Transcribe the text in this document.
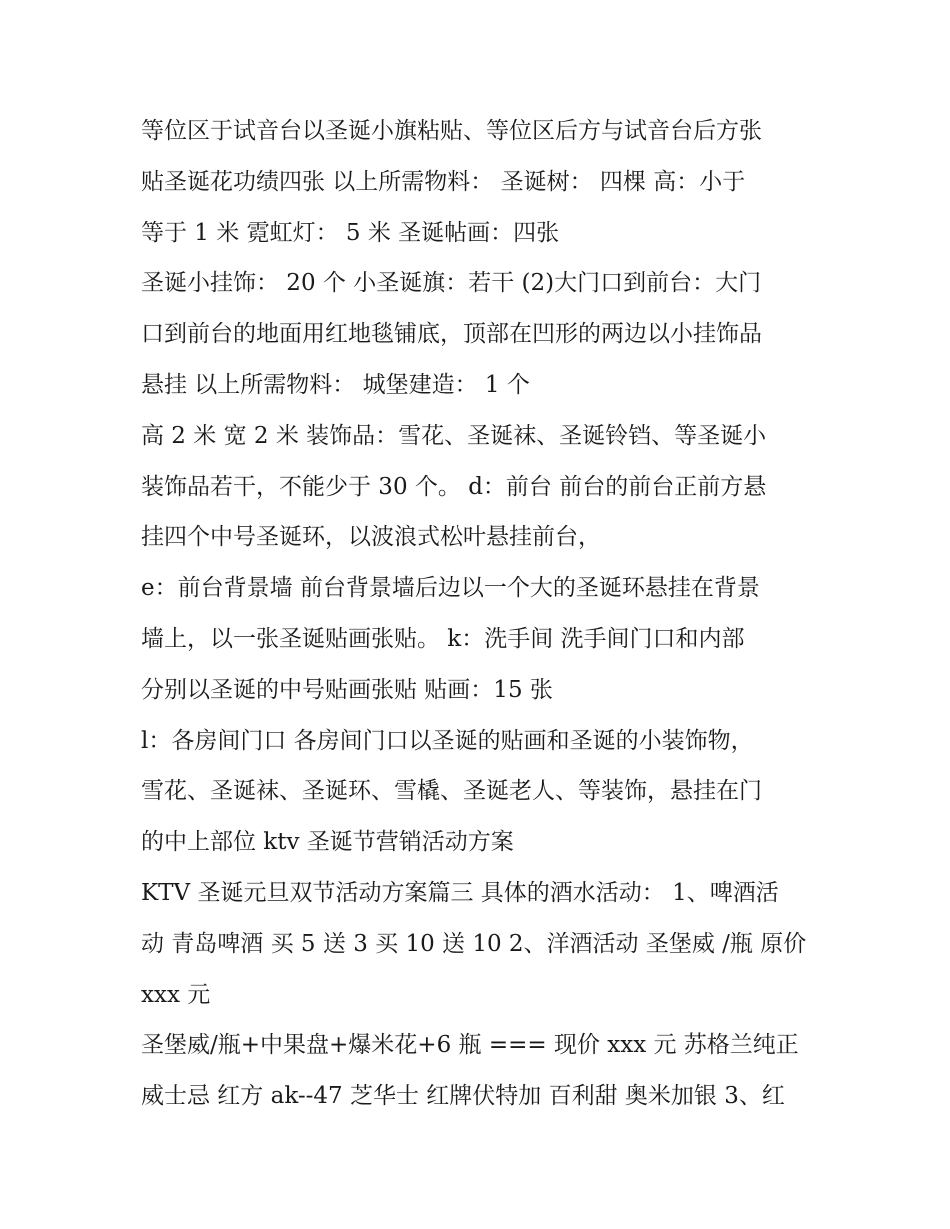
等位区于试音台以圣诞小旗粘贴、等位区后方与试音台后方张
贴圣诞花功绩四张 以上所需物料： 圣诞树： 四棵 高：小于
等于 1 米 霓虹灯： 5 米 圣诞帖画：四张
圣诞小挂饰： 20 个 小圣诞旗：若干 (2)大门口到前台：大门
口到前台的地面用红地毯铺底，顶部在凹形的两边以小挂饰品
悬挂 以上所需物料： 城堡建造： 1 个
高 2 米 宽 2 米 装饰品：雪花、圣诞袜、圣诞铃铛、等圣诞小
装饰品若干，不能少于 30 个。 d：前台 前台的前台正前方悬
挂四个中号圣诞环，以波浪式松叶悬挂前台，
e：前台背景墙 前台背景墙后边以一个大的圣诞环悬挂在背景
墙上，以一张圣诞贴画张贴。 k：洗手间 洗手间门口和内部
分别以圣诞的中号贴画张贴 贴画：15 张
l：各房间门口 各房间门口以圣诞的贴画和圣诞的小装饰物，
雪花、圣诞袜、圣诞环、雪橇、圣诞老人、等装饰，悬挂在门
的中上部位 ktv 圣诞节营销活动方案
KTV 圣诞元旦双节活动方案篇三 具体的酒水活动： 1、啤酒活
动 青岛啤酒 买 5 送 3 买 10 送 10 2、洋酒活动 圣堡威 /瓶 原价
xxx 元
圣堡威/瓶+中果盘+爆米花+6 瓶 === 现价 xxx 元 苏格兰纯正
威士忌 红方 ak--47 芝华士 红牌伏特加 百利甜 奥米加银 3、红
